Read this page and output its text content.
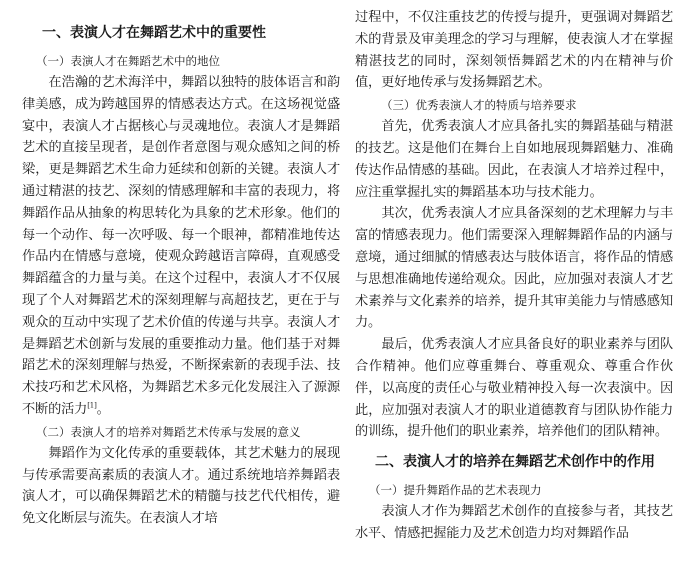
一、表演人才在舞蹈艺术中的重要性
（一）表演人才在舞蹈艺术中的地位

在浩瀚的艺术海洋中，舞蹈以独特的肢体语言和韵律美感，成为跨越国界的情感表达方式。在这场视觉盛宴中，表演人才占据核心与灵魂地位。表演人才是舞蹈艺术的直接呈现者，是创作者意图与观众感知之间的桥梁，更是舞蹈艺术生命力延续和创新的关键。表演人才通过精湛的技艺、深刻的情感理解和丰富的表现力，将舞蹈作品从抽象的构思转化为具象的艺术形象。他们的每一个动作、每一次呼吸、每一个眼神，都精准地传达作品内在情感与意境，使观众跨越语言障碍，直观感受舞蹈蕴含的力量与美。在这个过程中，表演人才不仅展现了个人对舞蹈艺术的深刻理解与高超技艺，更在于与观众的互动中实现了艺术价值的传递与共享。表演人才是舞蹈艺术创新与发展的重要推动力量。他们基于对舞蹈艺术的深刻理解与热爱，不断探索新的表现手法、技术技巧和艺术风格，为舞蹈艺术多元化发展注入了源源不断的活力[1]。

（二）表演人才的培养对舞蹈艺术传承与发展的意义

舞蹈作为文化传承的重要载体，其艺术魅力的展现与传承需要高素质的表演人才。通过系统地培养舞蹈表演人才，可以确保舞蹈艺术的精髓与技艺代代相传，避免文化断层与流失。在表演人才培

过程中，不仅注重技艺的传授与提升，更强调对舞蹈艺术的背景及审美理念的学习与理解，使表演人才在掌握精湛技艺的同时，深刻领悟舞蹈艺术的内在精神与价值，更好地传承与发扬舞蹈艺术。

（三）优秀表演人才的特质与培养要求

首先，优秀表演人才应具备扎实的舞蹈基础与精湛的技艺。这是他们在舞台上自如地展现舞蹈魅力、准确传达作品情感的基础。因此，在表演人才培养过程中，应注重掌握扎实的舞蹈基本功与技术能力。

其次，优秀表演人才应具备深刻的艺术理解力与丰富的情感表现力。他们需要深入理解舞蹈作品的内涵与意境，通过细腻的情感表达与肢体语言，将作品的情感与思想准确地传递给观众。因此，应加强对表演人才艺术素养与文化素养的培养，提升其审美能力与情感感知力。

最后，优秀表演人才应具备良好的职业素养与团队合作精神。他们应尊重舞台、尊重观众、尊重合作伙伴，以高度的责任心与敬业精神投入每一次表演中。因此，应加强对表演人才的职业道德教育与团队协作能力的训练，提升他们的职业素养，培养他们的团队精神。

二、表演人才的培养在舞蹈艺术创作中的作用
（一）提升舞蹈作品的艺术表现力

表演人才作为舞蹈艺术创作的直接参与者，其技艺水平、情感把握能力及艺术创造力均对舞蹈作品
